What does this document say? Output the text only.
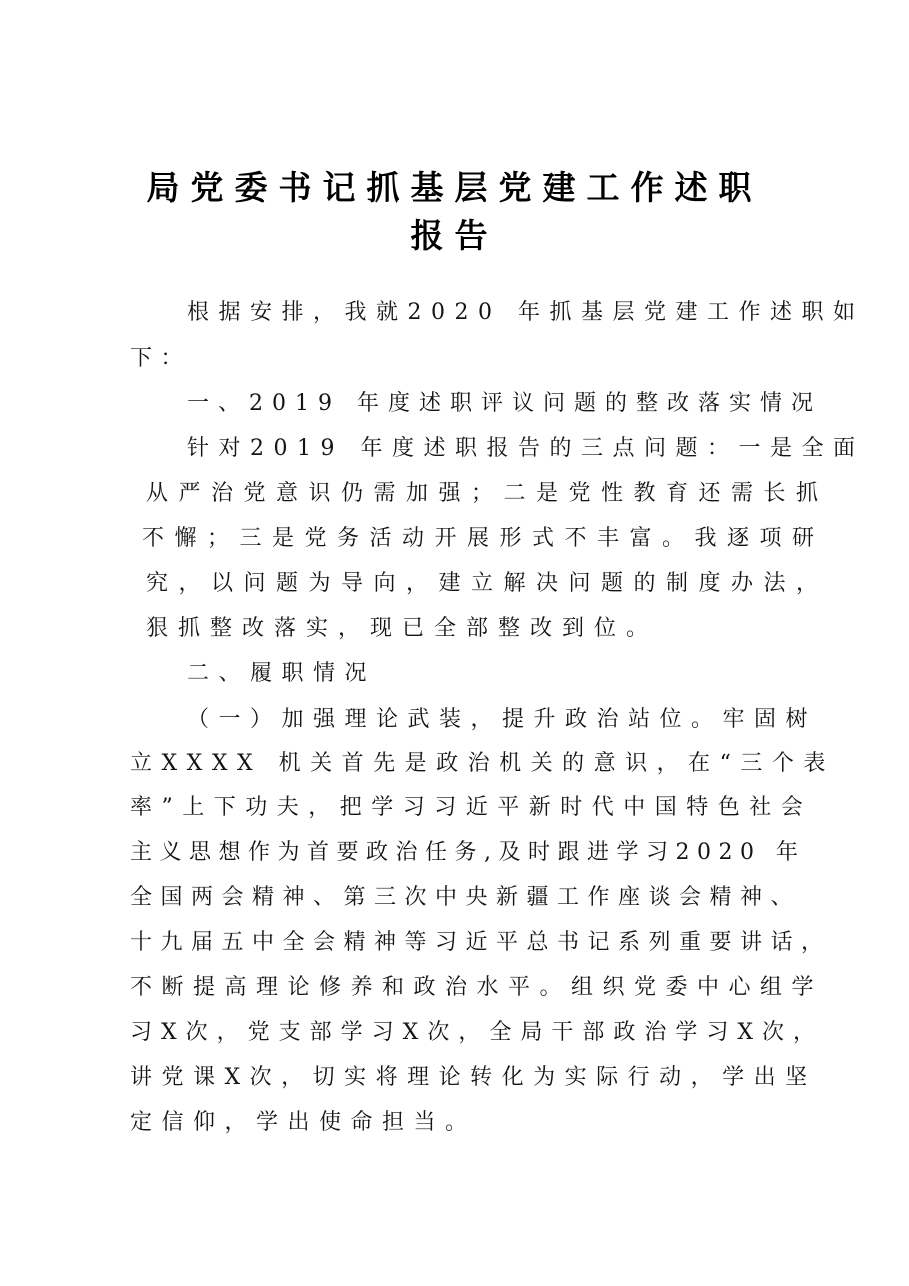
局党委书记抓基层党建工作述职
报告
根据安排，我就2020 年抓基层党建工作述职如
下：
一、2019 年度述职评议问题的整改落实情况
针对2019 年度述职报告的三点问题：一是全面
从严治党意识仍需加强；二是党性教育还需长抓
不懈；三是党务活动开展形式不丰富。我逐项研
究，以问题为导向，建立解决问题的制度办法，
狠抓整改落实，现已全部整改到位。
二、履职情况
（一）加强理论武装，提升政治站位。牢固树
立XXXX 机关首先是政治机关的意识，在“三个表
率”上下功夫，把学习习近平新时代中国特色社会
主义思想作为首要政治任务,及时跟进学习2020 年
全国两会精神、第三次中央新疆工作座谈会精神、
十九届五中全会精神等习近平总书记系列重要讲话，
不断提高理论修养和政治水平。组织党委中心组学
习X次，党支部学习X次，全局干部政治学习X次，
讲党课X次，切实将理论转化为实际行动，学出坚
定信仰，学出使命担当。
